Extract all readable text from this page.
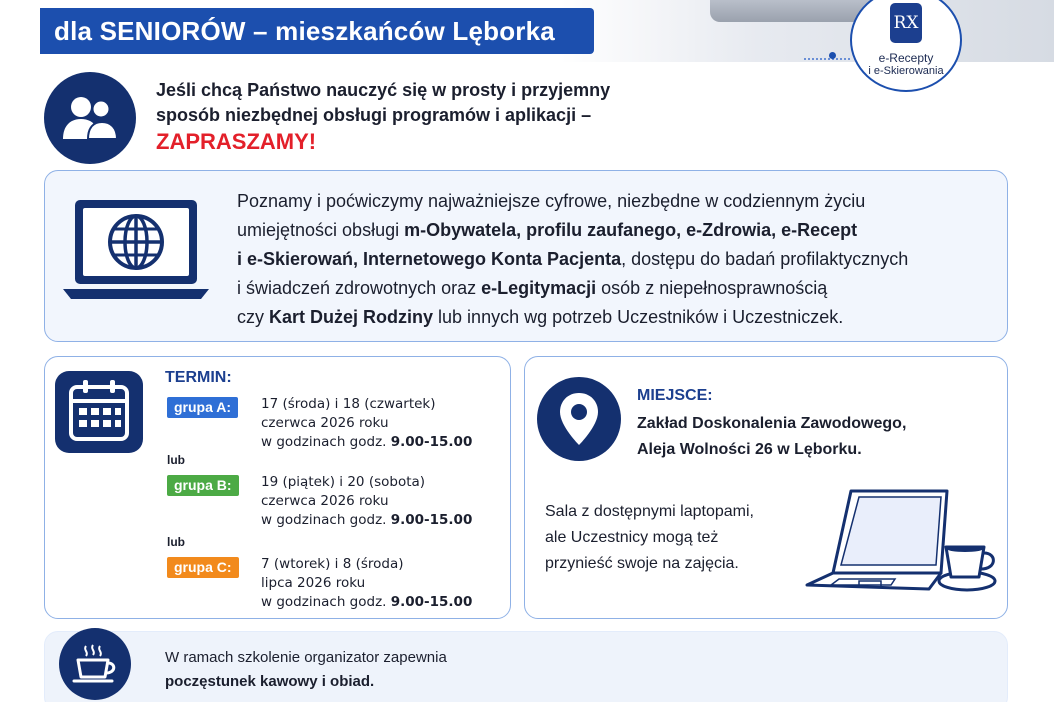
dla SENIORÓW – mieszkańców Lęborka	RX
e-Recepty
i e-Skierowania

Jeśli chcą Państwo nauczyć się w prosty i przyjemny

sposób niezbędnej obsługi programów i aplikacji –

ZAPRASZAMY!

Poznamy i poćwiczymy najważniejsze cyfrowe, niezbędne w codziennym życiu
umiejętności obsługi m-Obywatela, profilu zaufanego, e-Zdrowia, e-Recept
i e-Skierowań, Internetowego Konta Pacjenta, dostępu do badań profilaktycznych
i świadczeń zdrowotnych oraz e-Legitymacji osób z niepełnosprawnością
czy Kart Dużej Rodziny lub innych wg potrzeb Uczestników i Uczestniczek.
TERMIN:
grupa A:	17 (środa) i 18 (czwartek)
czerwca 2026 roku
w godzinach godz. 9.00-15.00
lub
grupa B:	19 (piątek) i 20 (sobota)
czerwca 2026 roku
w godzinach godz. 9.00-15.00
lub
grupa C:	7 (wtorek) i 8 (środa)
lipca 2026 roku
w godzinach godz. 9.00-15.00
MIEJSCE:
Zakład Doskonalenia Zawodowego,
Aleja Wolności 26 w Lęborku.
Sala z dostępnymi laptopami,
ale Uczestnicy mogą też
przynieść swoje na zajęcia.
W ramach szkolenie organizator zapewnia
poczęstunek kawowy i obiad.
